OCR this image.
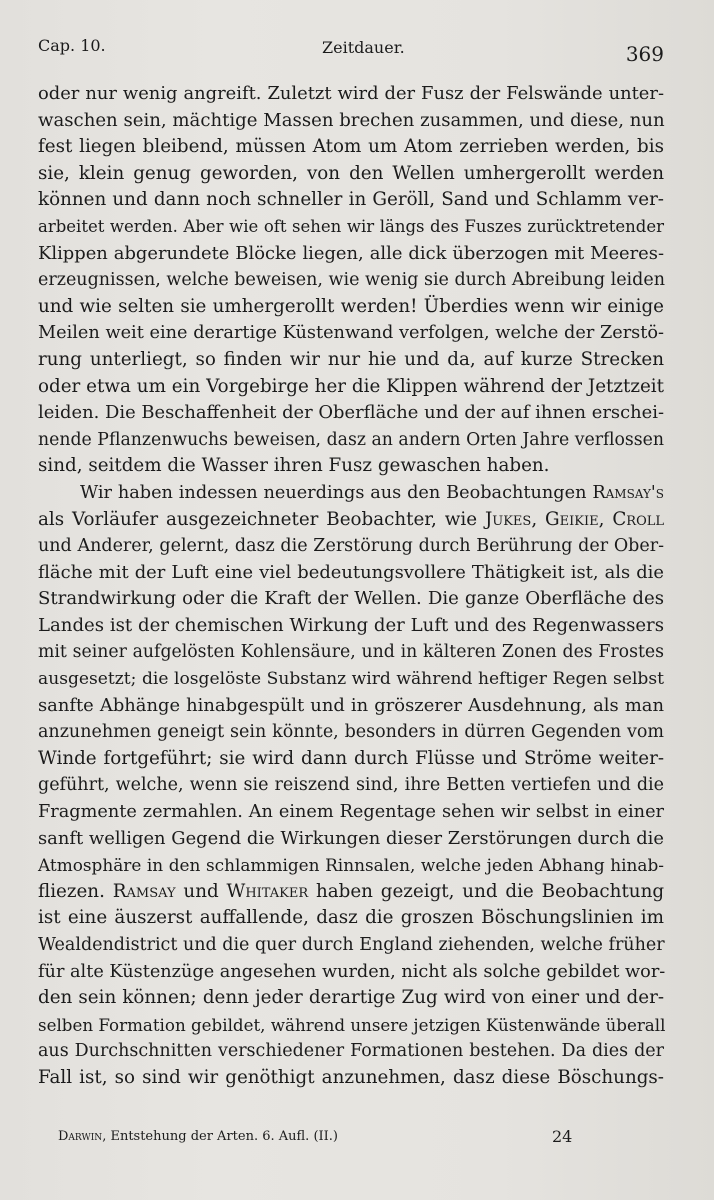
Cap. 10.	Zeitdauer.	369
oder nur wenig angreift. Zuletzt wird der Fusz der Felswände unter-
waschen sein, mächtige Massen brechen zusammen, und diese, nun
fest liegen bleibend, müssen Atom um Atom zerrieben werden, bis
sie, klein genug geworden, von den Wellen umhergerollt werden
können und dann noch schneller in Geröll, Sand und Schlamm ver-
arbeitet werden. Aber wie oft sehen wir längs des Fuszes zurücktretender
Klippen abgerundete Blöcke liegen, alle dick überzogen mit Meeres-
erzeugnissen, welche beweisen, wie wenig sie durch Abreibung leiden
und wie selten sie umhergerollt werden! Überdies wenn wir einige
Meilen weit eine derartige Küstenwand verfolgen, welche der Zerstö-
rung unterliegt, so finden wir nur hie und da, auf kurze Strecken
oder etwa um ein Vorgebirge her die Klippen während der Jetztzeit
leiden. Die Beschaffenheit der Oberfläche und der auf ihnen erschei-
nende Pflanzenwuchs beweisen, dasz an andern Orten Jahre verflossen
sind, seitdem die Wasser ihren Fusz gewaschen haben.
Wir haben indessen neuerdings aus den Beobachtungen Ramsay's
als Vorläufer ausgezeichneter Beobachter, wie Jukes, Geikie, Croll
und Anderer, gelernt, dasz die Zerstörung durch Berührung der Ober-
fläche mit der Luft eine viel bedeutungsvollere Thätigkeit ist, als die
Strandwirkung oder die Kraft der Wellen. Die ganze Oberfläche des
Landes ist der chemischen Wirkung der Luft und des Regenwassers
mit seiner aufgelösten Kohlensäure, und in kälteren Zonen des Frostes
ausgesetzt; die losgelöste Substanz wird während heftiger Regen selbst
sanfte Abhänge hinabgespült und in gröszerer Ausdehnung, als man
anzunehmen geneigt sein könnte, besonders in dürren Gegenden vom
Winde fortgeführt; sie wird dann durch Flüsse und Ströme weiter-
geführt, welche, wenn sie reiszend sind, ihre Betten vertiefen und die
Fragmente zermahlen. An einem Regentage sehen wir selbst in einer
sanft welligen Gegend die Wirkungen dieser Zerstörungen durch die
Atmosphäre in den schlammigen Rinnsalen, welche jeden Abhang hinab-
fliezen. Ramsay und Whitaker haben gezeigt, und die Beobachtung
ist eine äuszerst auffallende, dasz die groszen Böschungslinien im
Wealdendistrict und die quer durch England ziehenden, welche früher
für alte Küstenzüge angesehen wurden, nicht als solche gebildet wor-
den sein können; denn jeder derartige Zug wird von einer und der-
selben Formation gebildet, während unsere jetzigen Küstenwände überall
aus Durchschnitten verschiedener Formationen bestehen. Da dies der
Fall ist, so sind wir genöthigt anzunehmen, dasz diese Böschungs-
Darwin, Entstehung der Arten. 6. Aufl. (II.)	24
